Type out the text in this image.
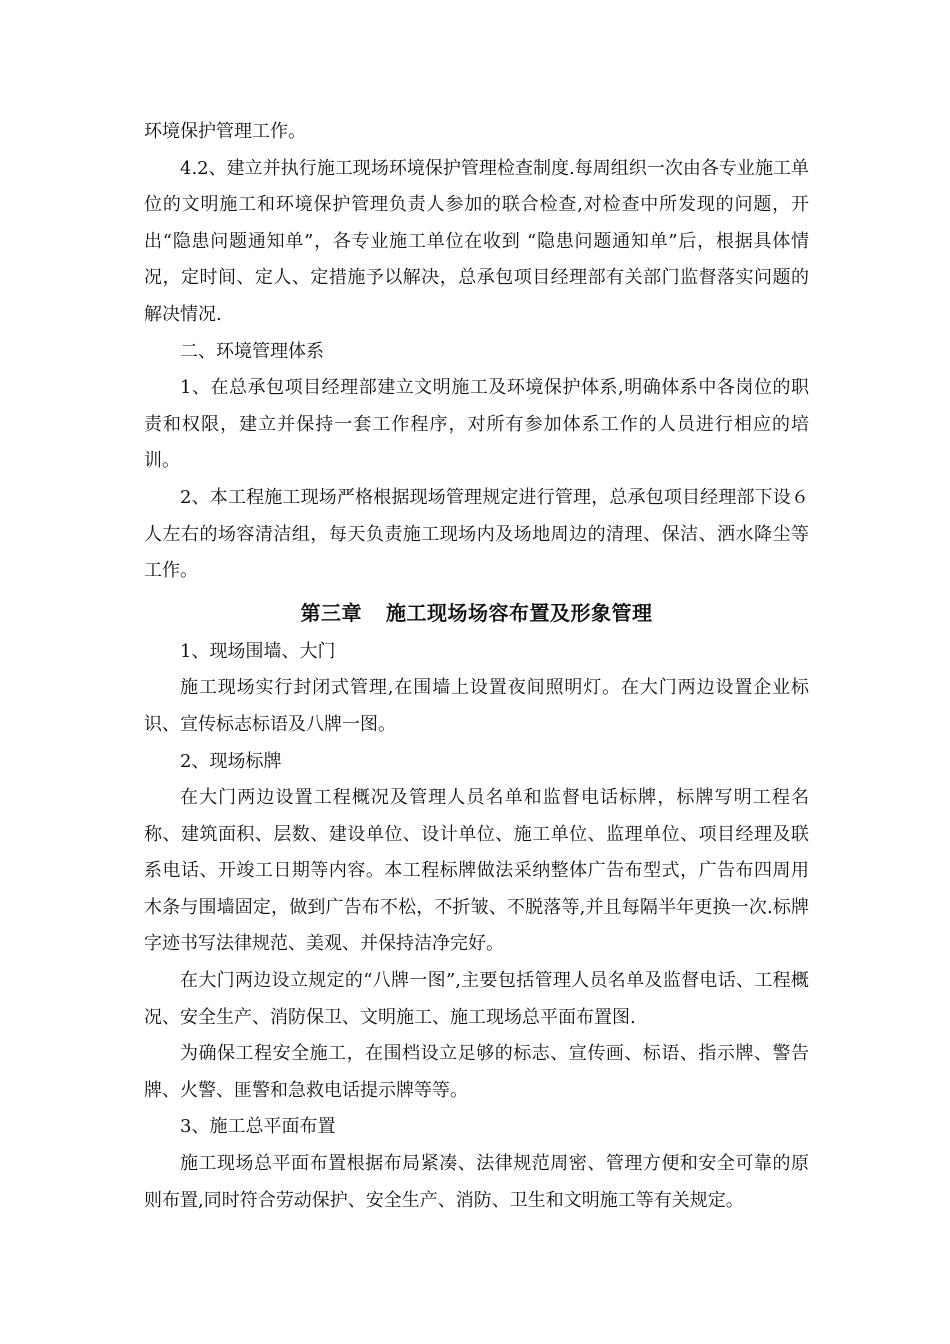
环境保护管理工作。

4.2、建立并执行施工现场环境保护管理检查制度.每周组织一次由各专业施工单位的文明施工和环境保护管理负责人参加的联合检查,对检查中所发现的问题，开出“隐患问题通知单”，各专业施工单位在收到 “隐患问题通知单”后，根据具体情况，定时间、定人、定措施予以解决，总承包项目经理部有关部门监督落实问题的解决情况.

二、环境管理体系

1、在总承包项目经理部建立文明施工及环境保护体系,明确体系中各岗位的职责和权限，建立并保持一套工作程序，对所有参加体系工作的人员进行相应的培训。

2、本工程施工现场严格根据现场管理规定进行管理，总承包项目经理部下设６人左右的场容清洁组，每天负责施工现场内及场地周边的清理、保洁、洒水降尘等工作。

第三章 施工现场场容布置及形象管理

1、现场围墙、大门

施工现场实行封闭式管理,在围墙上设置夜间照明灯。在大门两边设置企业标识、宣传标志标语及八牌一图。

2、现场标牌

在大门两边设置工程概况及管理人员名单和监督电话标牌，标牌写明工程名称、建筑面积、层数、建设单位、设计单位、施工单位、监理单位、项目经理及联系电话、开竣工日期等内容。本工程标牌做法采纳整体广告布型式，广告布四周用木条与围墙固定，做到广告布不松，不折皱、不脱落等,并且每隔半年更换一次.标牌字迹书写法律规范、美观、并保持洁净完好。

在大门两边设立规定的“八牌一图”,主要包括管理人员名单及监督电话、工程概况、安全生产、消防保卫、文明施工、施工现场总平面布置图.

为确保工程安全施工，在围档设立足够的标志、宣传画、标语、指示牌、警告牌、火警、匪警和急救电话提示牌等等。

3、施工总平面布置

施工现场总平面布置根据布局紧凑、法律规范周密、管理方便和安全可靠的原则布置,同时符合劳动保护、安全生产、消防、卫生和文明施工等有关规定。
